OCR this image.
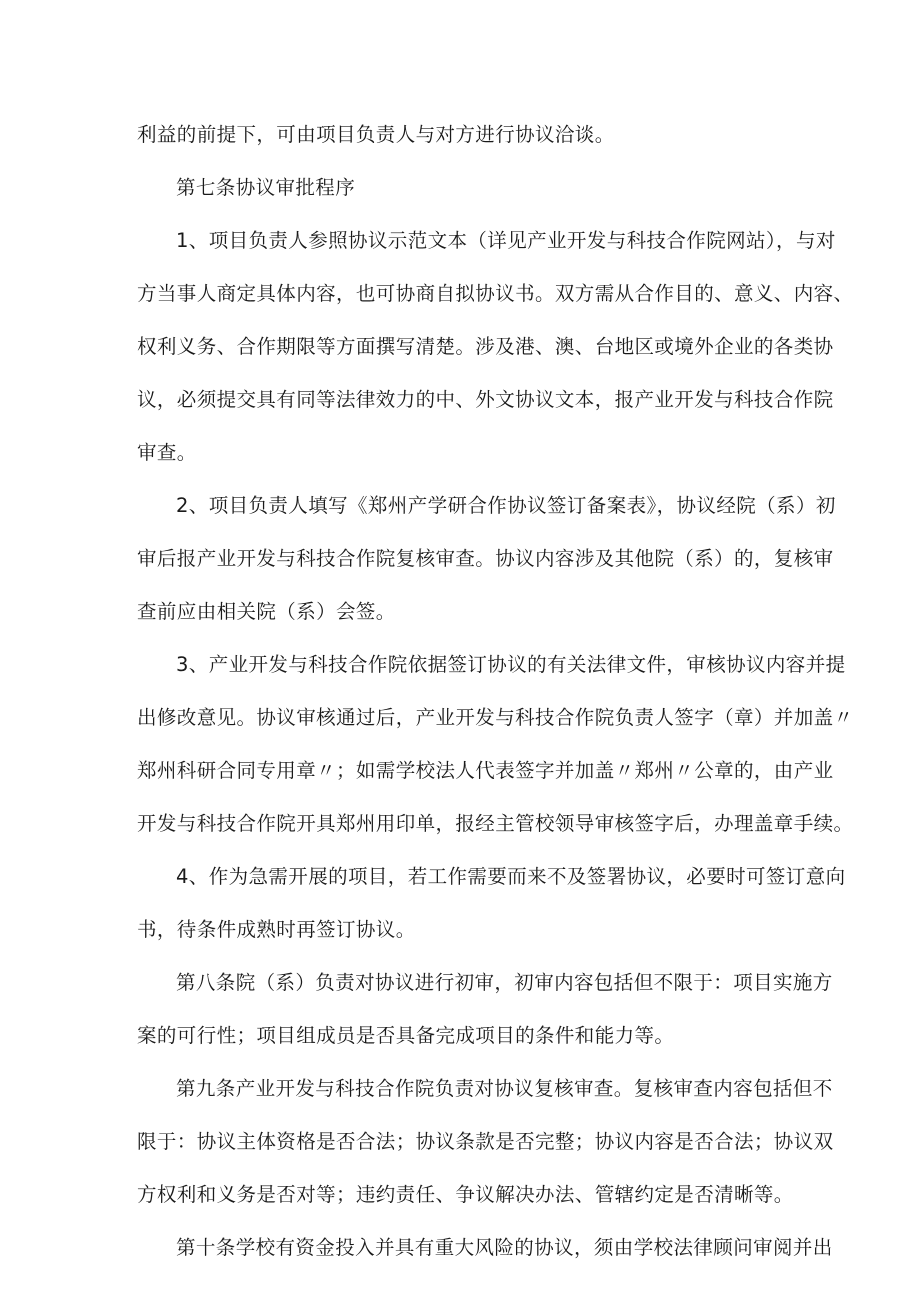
利益的前提下，可由项目负责人与对方进行协议洽谈。
第七条协议审批程序
1、项目负责人参照协议示范文本（详见产业开发与科技合作院网站），与对
方当事人商定具体内容，也可协商自拟协议书。双方需从合作目的、意义、内容、
权利义务、合作期限等方面撰写清楚。涉及港、澳、台地区或境外企业的各类协
议，必须提交具有同等法律效力的中、外文协议文本，报产业开发与科技合作院
审查。
2、项目负责人填写《郑州产学研合作协议签订备案表》，协议经院（系）初
审后报产业开发与科技合作院复核审查。协议内容涉及其他院（系）的，复核审
查前应由相关院（系）会签。
3、产业开发与科技合作院依据签订协议的有关法律文件，审核协议内容并提
出修改意见。协议审核通过后，产业开发与科技合作院负责人签字（章）并加盖〃
郑州科研合同专用章〃；如需学校法人代表签字并加盖〃郑州〃公章的，由产业
开发与科技合作院开具郑州用印单，报经主管校领导审核签字后，办理盖章手续。
4、作为急需开展的项目，若工作需要而来不及签署协议，必要时可签订意向
书，待条件成熟时再签订协议。
第八条院（系）负责对协议进行初审，初审内容包括但不限于：项目实施方
案的可行性；项目组成员是否具备完成项目的条件和能力等。
第九条产业开发与科技合作院负责对协议复核审查。复核审查内容包括但不
限于：协议主体资格是否合法；协议条款是否完整；协议内容是否合法；协议双
方权利和义务是否对等；违约责任、争议解决办法、管辖约定是否清晰等。
第十条学校有资金投入并具有重大风险的协议，须由学校法律顾问审阅并出
